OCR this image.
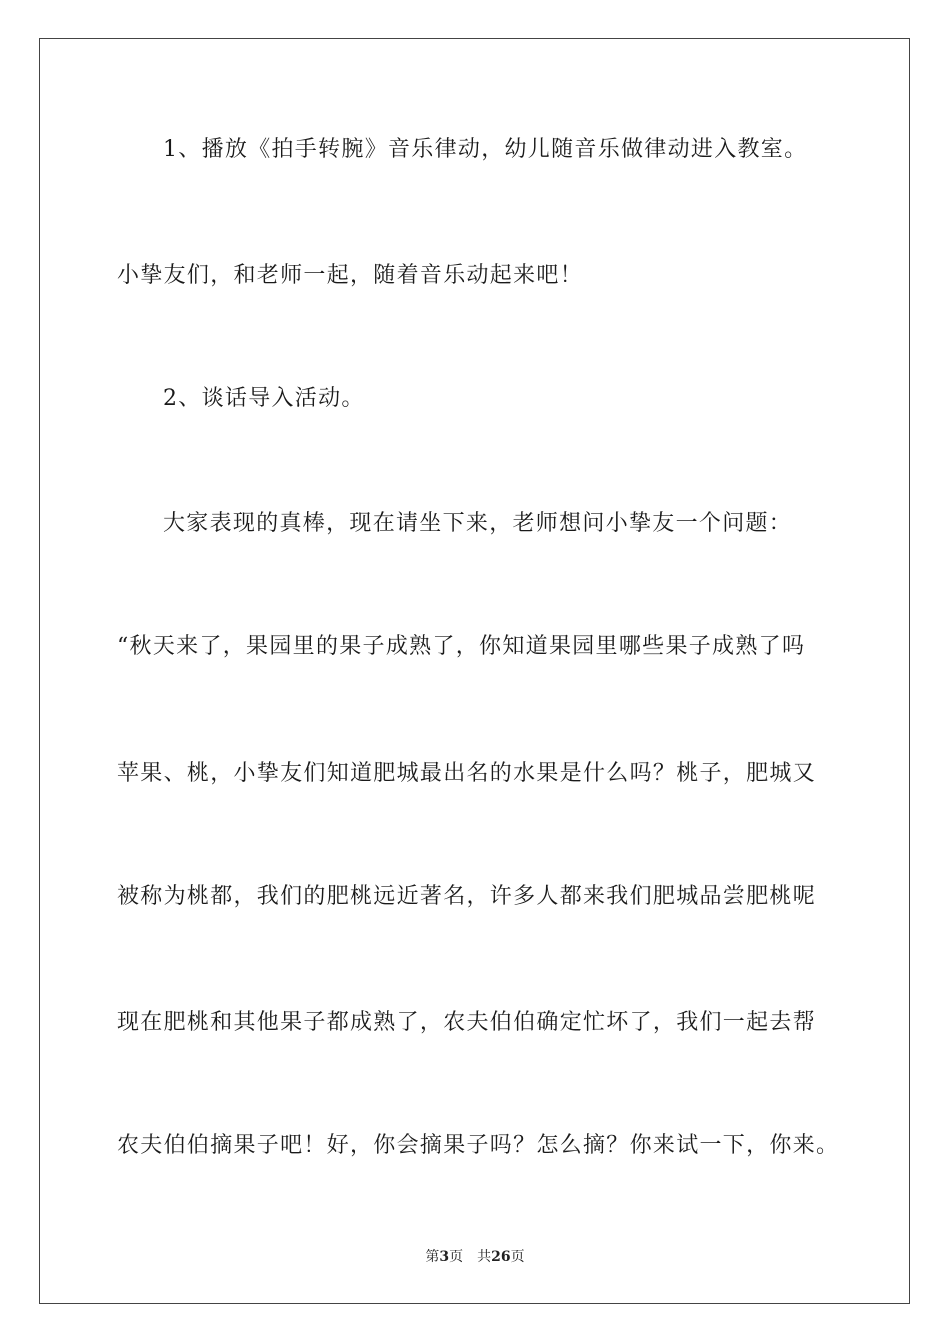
1、播放《拍手转腕》音乐律动，幼儿随音乐做律动进入教室。
小挚友们，和老师一起，随着音乐动起来吧！
2、谈话导入活动。
大家表现的真棒，现在请坐下来，老师想问小挚友一个问题：
“秋天来了，果园里的果子成熟了，你知道果园里哪些果子成熟了吗
苹果、桃，小挚友们知道肥城最出名的水果是什么吗？桃子，肥城又
被称为桃都，我们的肥桃远近著名，许多人都来我们肥城品尝肥桃呢
现在肥桃和其他果子都成熟了，农夫伯伯确定忙坏了，我们一起去帮
农夫伯伯摘果子吧！好，你会摘果子吗？怎么摘？你来试一下，你来。
第3页 共26页
